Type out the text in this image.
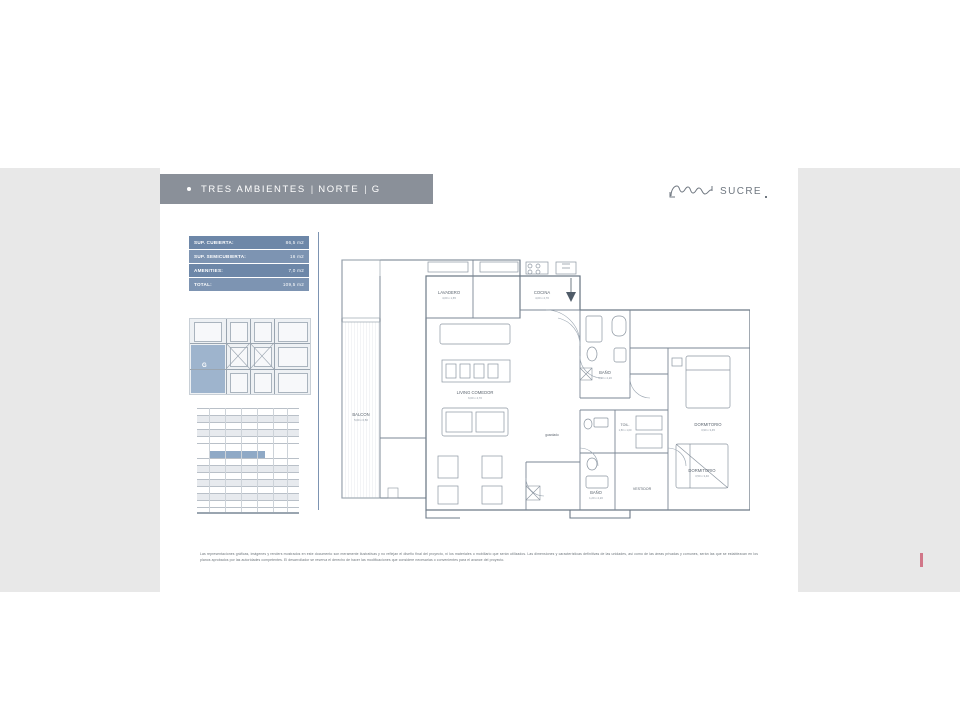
TRES AMBIENTES | NORTE | G	SUCRE
SUP. CUBIERTA:	86,5 m2
SUP. SEMICUBIERTA:	16 m2
AMENITIES:	7,0 m2
TOTAL:	109,5 m2
G
LAVADERO
4,00 x 1,65
COCINA
4,00 x 2,70
BALCON
5,00 x 6,50
LIVING COMEDOR
6,60 x 4,70
BAÑO
3,10 x 2,20
DORMITORIO
3,90 x 3,45
TOIL.
1,50 x 1,00
guardado
BAÑO
1,20 x 2,20
VESTIDOR
DORMITORIO
3,50 x 3,40
Las representaciones gráficas, imágenes y renders mostrados en este documento son meramente ilustrativas y no reflejan el diseño final del proyecto, ni los materiales o mobiliario que serán utilizados. Las dimensiones y características definitivas de las unidades, así como de las áreas privadas y comunes, serán las que se establezcan en los planos aprobados por las autoridades competentes. El desarrollador se reserva el derecho de hacer las modificaciones que considere necesarias o convenientes para el avance del proyecto.
